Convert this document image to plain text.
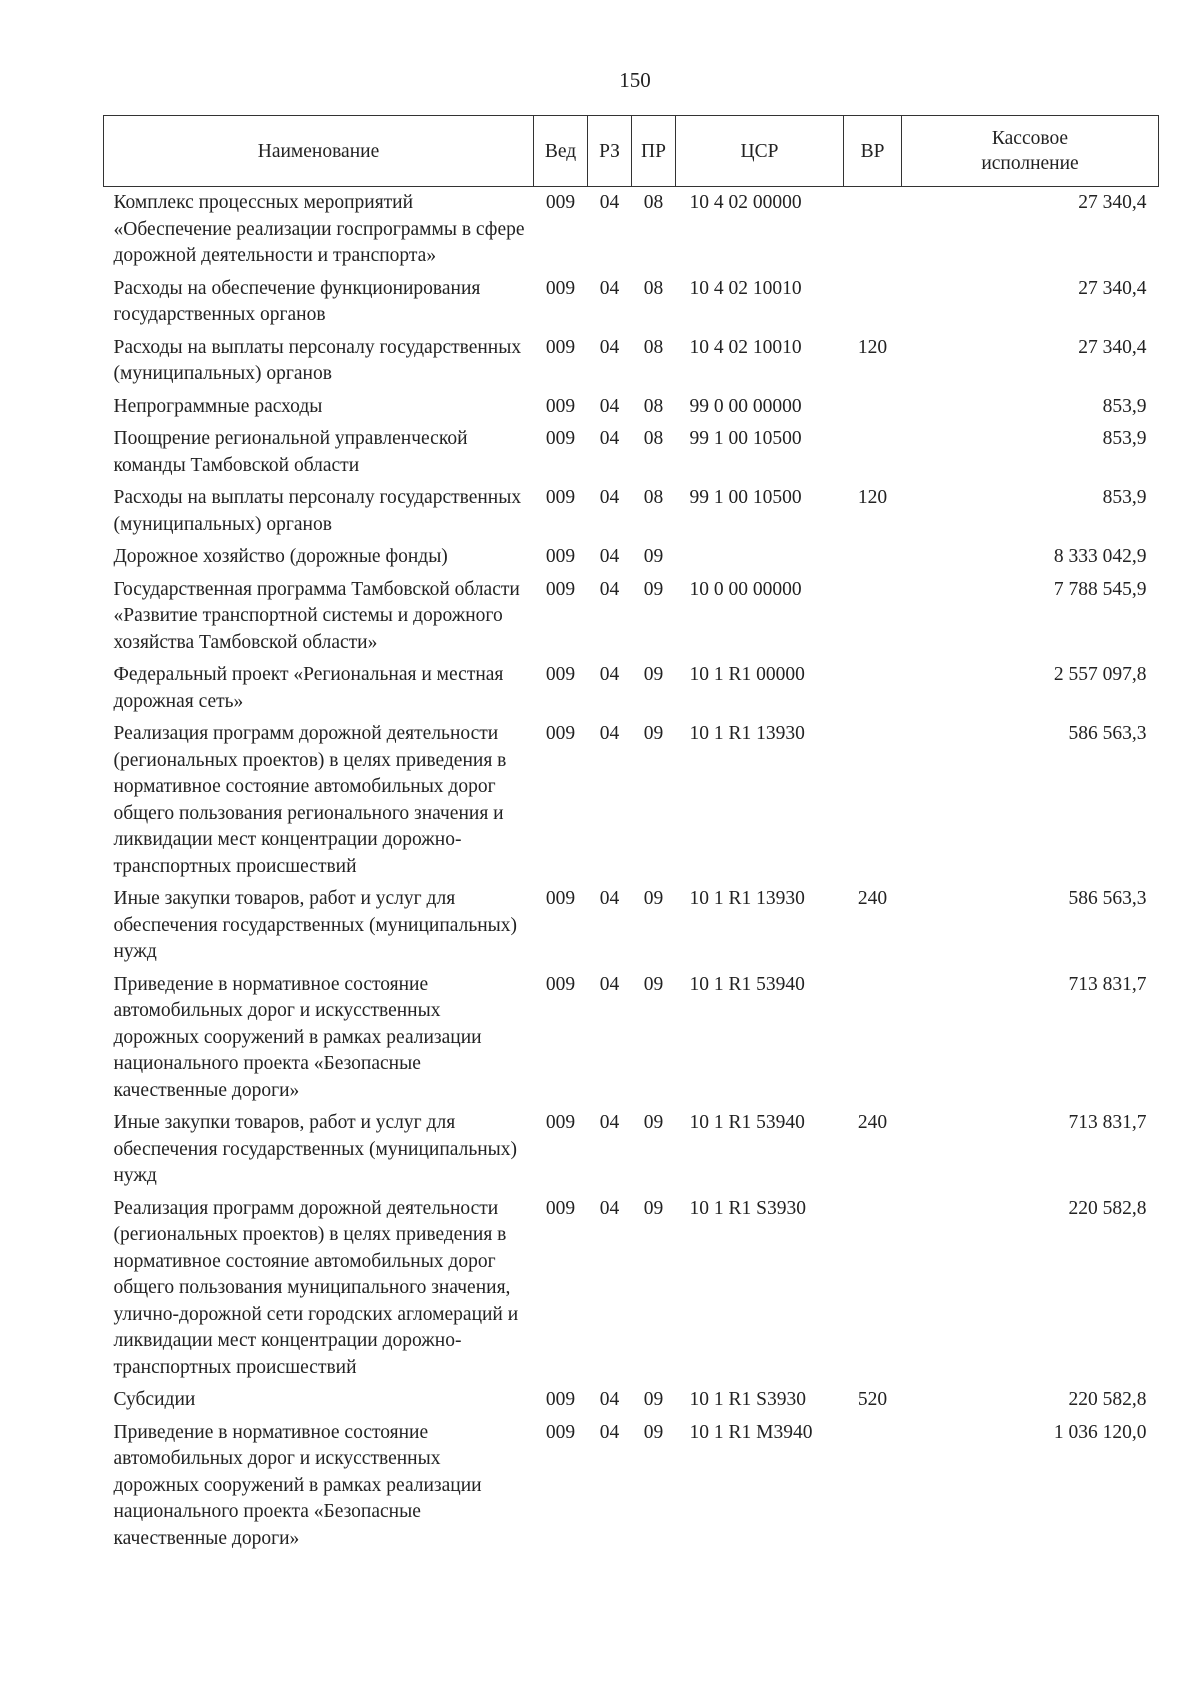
150
Наименование	Вед	РЗ	ПР	ЦСР	ВР	Кассовое исполнение
Комплекс процессных мероприятий «Обеспечение реализации госпрограммы в сфере дорожной деятельности и транспорта»	009	04	08	10 4 02 00000		27 340,4
Расходы на обеспечение функционирования государственных органов	009	04	08	10 4 02 10010		27 340,4
Расходы на выплаты персоналу государственных (муниципальных) органов	009	04	08	10 4 02 10010	120	27 340,4
Непрограммные расходы	009	04	08	99 0 00 00000		853,9
Поощрение региональной управленческой команды Тамбовской области	009	04	08	99 1 00 10500		853,9
Расходы на выплаты персоналу государственных (муниципальных) органов	009	04	08	99 1 00 10500	120	853,9
Дорожное хозяйство (дорожные фонды)	009	04	09			8 333 042,9
Государственная программа Тамбовской области «Развитие транспортной системы и дорожного хозяйства Тамбовской области»	009	04	09	10 0 00 00000		7 788 545,9
Федеральный проект «Региональная и местная дорожная сеть»	009	04	09	10 1 R1 00000		2 557 097,8
Реализация программ дорожной деятельности (региональных проектов) в целях приведения в нормативное состояние автомобильных дорог общего пользования регионального значения и ликвидации мест концентрации дорожно-транспортных происшествий	009	04	09	10 1 R1 13930		586 563,3
Иные закупки товаров, работ и услуг для обеспечения государственных (муниципальных) нужд	009	04	09	10 1 R1 13930	240	586 563,3
Приведение в нормативное состояние автомобильных дорог и искусственных дорожных сооружений в рамках реализации национального проекта «Безопасные качественные дороги»	009	04	09	10 1 R1 53940		713 831,7
Иные закупки товаров, работ и услуг для обеспечения государственных (муниципальных) нужд	009	04	09	10 1 R1 53940	240	713 831,7
Реализация программ дорожной деятельности (региональных проектов) в целях приведения в нормативное состояние автомобильных дорог общего пользования муниципального значения, улично-дорожной сети городских агломераций и ликвидации мест концентрации дорожно-транспортных происшествий	009	04	09	10 1 R1 S3930		220 582,8
Субсидии	009	04	09	10 1 R1 S3930	520	220 582,8
Приведение в нормативное состояние автомобильных дорог и искусственных дорожных сооружений в рамках реализации национального проекта «Безопасные качественные дороги»	009	04	09	10 1 R1 M3940		1 036 120,0
